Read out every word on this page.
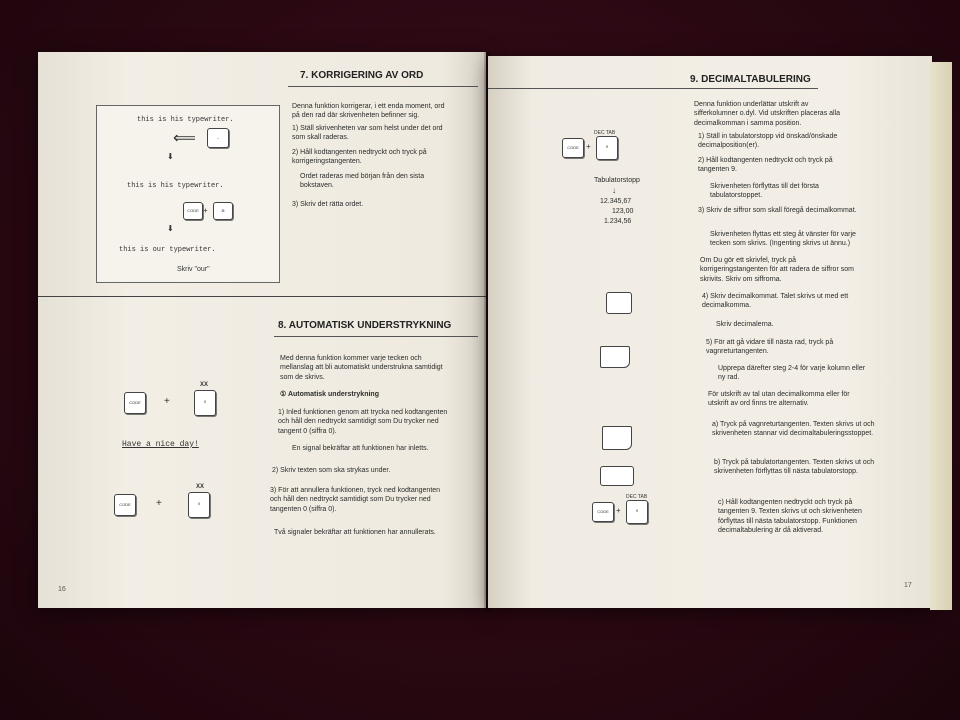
7. KORRIGERING AV ORD
this is his typewriter.
⟸	←
⬇
this is his typewriter.
CODE +	⊗
⬇
this is our typewriter.
Skriv "our"
Denna funktion korrigerar, i ett enda moment, ord på den rad där skrivenheten befinner sig.
1) Ställ skrivenheten var som helst under det ord som skall raderas.
2) Håll kodtangenten nedtryckt och tryck på korrigeringstangenten.
Ordet raderas med början från den sista bokstaven.
3) Skriv det rätta ordet.
8. AUTOMATISK UNDERSTRYKNING
Med denna funktion kommer varje tecken och mellanslag att bli automatiskt understrukna samtidigt som de skrivs.
① Automatisk understrykning
1) Inled funktionen genom att trycka ned kodtangenten och håll den nedtryckt samtidigt som Du trycker ned tangent 0 (siffra 0).
En signal bekräftar att funktionen har inletts.
2) Skriv texten som ska strykas under.
3) För att annullera funktionen, tryck ned kodtangenten och håll den nedtryckt samtidigt som Du trycker ned tangenten 0 (siffra 0).
Två signaler bekräftar att funktionen har annullerats.
CODE	+
XX
0
Have a nice day!
CODE	+
XX
0
16
9. DECIMALTABULERING
DEC TAB
CODE +	9
Tabulatorstopp
↓
12.345,67
123,00
1.234,56
DEC TAB
CODE +	9
Denna funktion underlättar utskrift av sifferkolumner o.dyl. Vid utskriften placeras alla decimalkomman i samma position.
1) Ställ in tabulatorstopp vid önskad/önskade decimalposition(er).
2) Håll kodtangenten nedtryckt och tryck på tangenten 9.
Skrivenheten förflyttas till det första tabulatorstoppet.
3) Skriv de siffror som skall föregå decimalkommat.
Skrivenheten flyttas ett steg åt vänster för varje tecken som skrivs. (Ingenting skrivs ut ännu.)
Om Du gör ett skrivfel, tryck på korrigeringstangenten för att radera de siffror som skrivits. Skriv om siffrorna.
4) Skriv decimalkommat. Talet skrivs ut med ett decimalkomma.
Skriv decimalerna.
5) För att gå vidare till nästa rad, tryck på vagnreturtangenten.
Upprepa därefter steg 2-4 för varje kolumn eller ny rad.
För utskrift av tal utan decimalkomma eller för utskrift av ord finns tre alternativ.
a) Tryck på vagnreturtangenten. Texten skrivs ut och skrivenheten stannar vid decimaltabuleringsstoppet.
b) Tryck på tabulatortangenten. Texten skrivs ut och skrivenheten förflyttas till nästa tabulatorstopp.
c) Håll kodtangenten nedtryckt och tryck på tangenten 9. Texten skrivs ut och skrivenheten förflyttas till nästa tabulatorstopp. Funktionen decimaltabulering är då aktiverad.
17
